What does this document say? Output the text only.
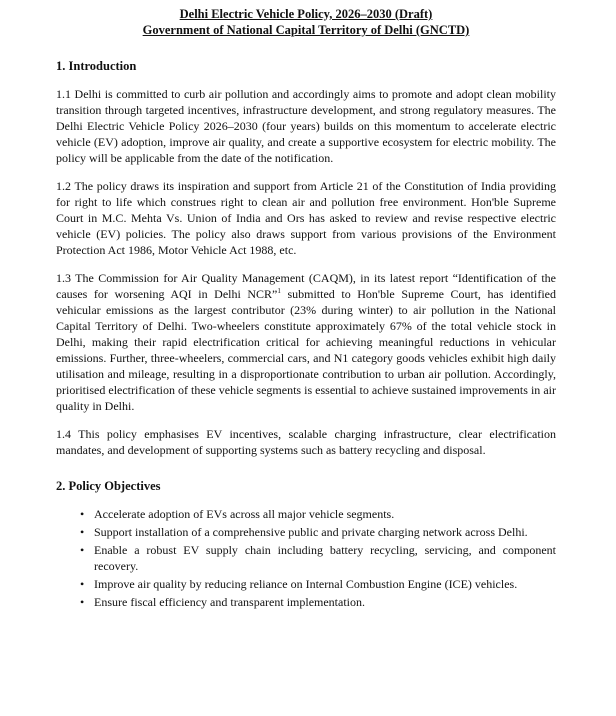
Delhi Electric Vehicle Policy, 2026–2030 (Draft)
Government of National Capital Territory of Delhi (GNCTD)
1. Introduction

1.1 Delhi is committed to curb air pollution and accordingly aims to promote and adopt clean mobility transition through targeted incentives, infrastructure development, and strong regulatory measures. The Delhi Electric Vehicle Policy 2026–2030 (four years) builds on this momentum to accelerate electric vehicle (EV) adoption, improve air quality, and create a supportive ecosystem for electric mobility. The policy will be applicable from the date of the notification.

1.2 The policy draws its inspiration and support from Article 21 of the Constitution of India providing for right to life which construes right to clean air and pollution free environment. Hon'ble Supreme Court in M.C. Mehta Vs. Union of India and Ors has asked to review and revise respective electric vehicle (EV) policies. The policy also draws support from various provisions of the Environment Protection Act 1986, Motor Vehicle Act 1988, etc.

1.3 The Commission for Air Quality Management (CAQM), in its latest report “Identification of the causes for worsening AQI in Delhi NCR”$^1$ submitted to Hon'ble Supreme Court, has identified vehicular emissions as the largest contributor (23% during winter) to air pollution in the National Capital Territory of Delhi. Two-wheelers constitute approximately 67% of the total vehicle stock in Delhi, making their rapid electrification critical for achieving meaningful reductions in vehicular emissions. Further, three-wheelers, commercial cars, and N1 category goods vehicles exhibit high daily utilisation and mileage, resulting in a disproportionate contribution to urban air pollution. Accordingly, prioritised electrification of these vehicle segments is essential to achieve sustained improvements in air quality in Delhi.

1.4 This policy emphasises EV incentives, scalable charging infrastructure, clear electrification mandates, and development of supporting systems such as battery recycling and disposal.

2. Policy Objectives
• Accelerate adoption of EVs across all major vehicle segments.
• Support installation of a comprehensive public and private charging network across Delhi.
• Enable a robust EV supply chain including battery recycling, servicing, and component recovery.
• Improve air quality by reducing reliance on Internal Combustion Engine (ICE) vehicles.
• Ensure fiscal efficiency and transparent implementation.
